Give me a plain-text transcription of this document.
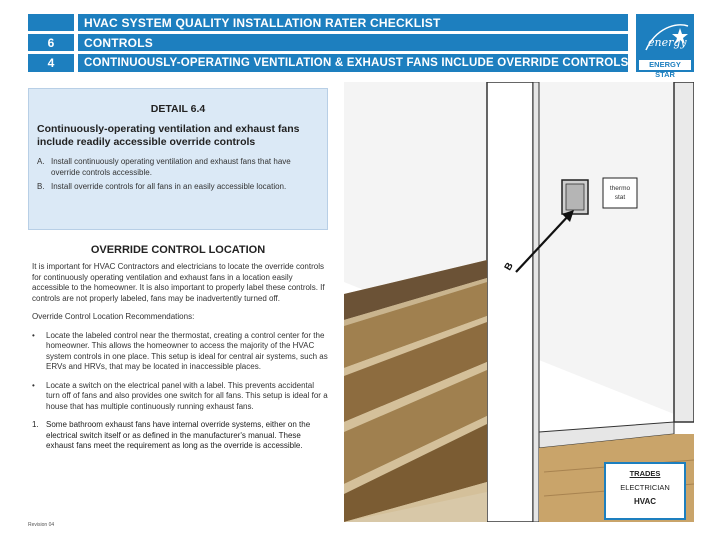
HVAC SYSTEM QUALITY INSTALLATION RATER CHECKLIST
6	CONTROLS
4	CONTINUOUSLY-OPERATING VENTILATION & EXHAUST FANS INCLUDE OVERRIDE CONTROLS
energy
ENERGY STAR
DETAIL 6.4
Continuously-operating ventilation and exhaust fans include readily accessible override controls
A. Install continuously operating ventilation and exhaust fans that have override controls accessible.
B. Install override controls for all fans in an easily accessible location.
OVERRIDE CONTROL LOCATION

It is important for HVAC Contractors and electricians to locate the override controls for continuously operating ventilation and exhaust fans in a location easily accessible to the homeowner. It is also important to properly label these controls. If controls are not properly labeled, fans may be inadvertently turned off.

Override Control Location Recommendations:

•	Locate the labeled control near the thermostat, creating a control center for the homeowner. This allows the homeowner to access the majority of the HVAC system controls in one place. This setup is ideal for central air systems, such as ERVs and HRVs, that may be located in inaccessible places.
•	Locate a switch on the electrical panel with a label. This prevents accidental turn off of fans and also provides one switch for all fans. This setup is ideal for a house that has multiple continuously running exhaust fans.
1. Some bathroom exhaust fans have internal override systems, either on the electrical switch itself or as defined in the manufacturer's manual. These exhaust fans meet the requirement as long as the override is accessible.
Revision 04
thermo
stat
B
TRADES
ELECTRICIAN
HVAC
